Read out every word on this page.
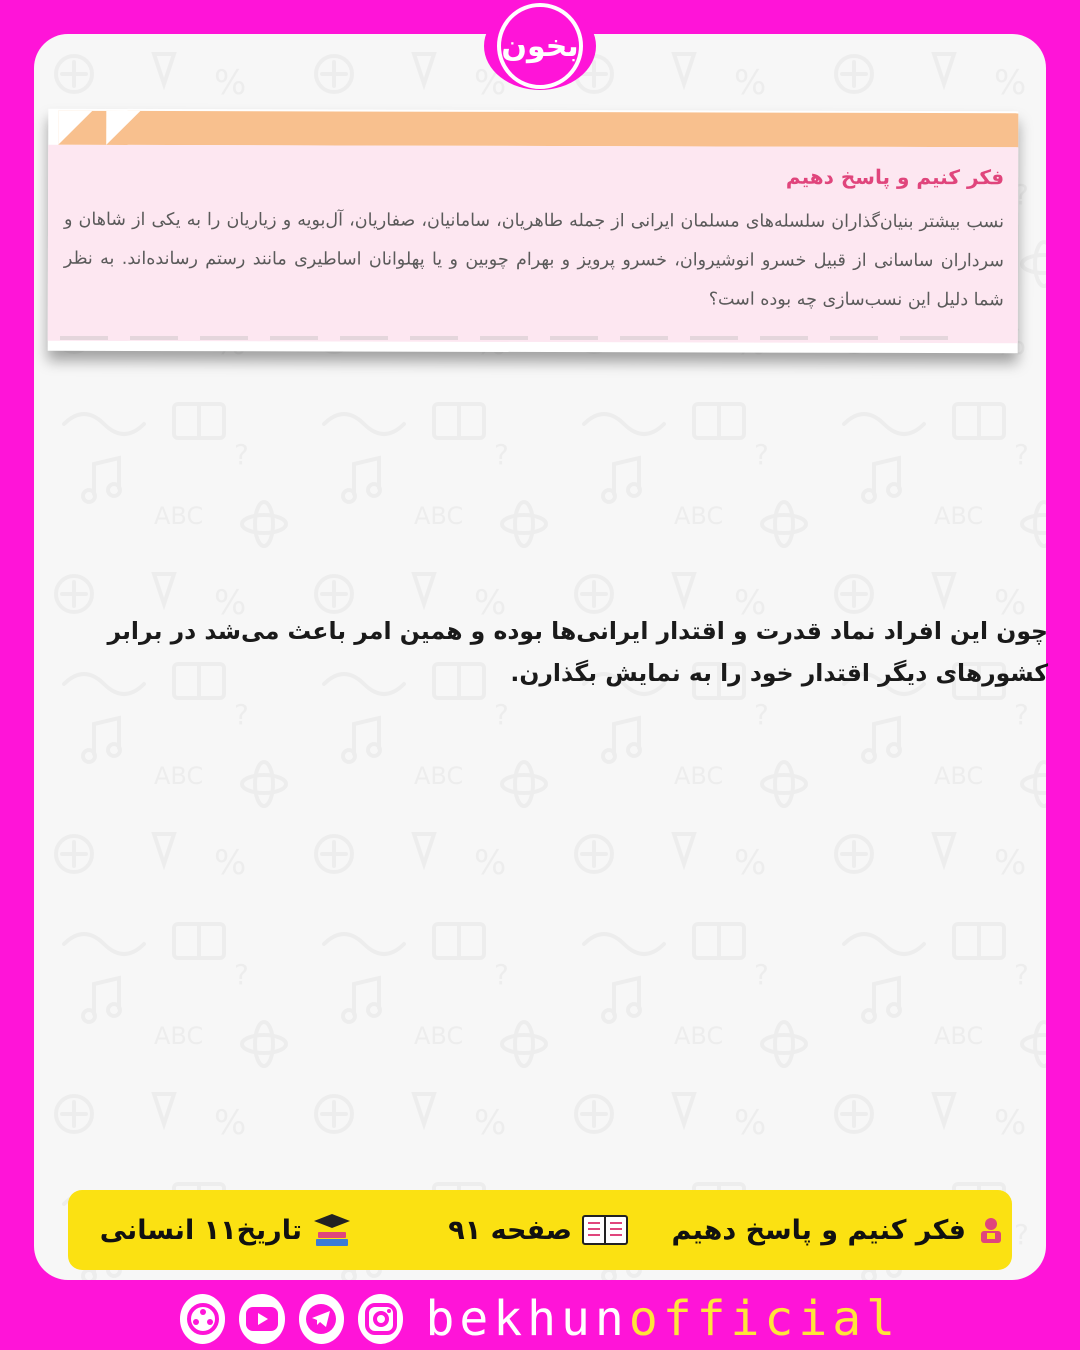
بخون
فکر کنیم و پاسخ دهیم
نسب بیشتر بنیان‌گذاران سلسله‌های مسلمان ایرانی از جمله طاهریان، سامانیان، صفاریان، آل‌بویه و زیاریان را به یکی از شاهان و سرداران ساسانی از قبیل خسرو انوشیروان، خسرو پرویز و بهرام چوبین و یا پهلوانان اساطیری مانند رستم رسانده‌اند. به نظر شما دلیل این نسب‌سازی چه بوده است؟
چون این افراد نماد قدرت و اقتدار ایرانی‌ها بوده و همین امر باعث می‌شد در برابر کشورهای دیگر اقتدار خود را به نمایش بگذارن.
فکر کنیم و پاسخ دهیم
صفحه ۹۱
تاریخ۱۱ انسانی
bekhunofficial
